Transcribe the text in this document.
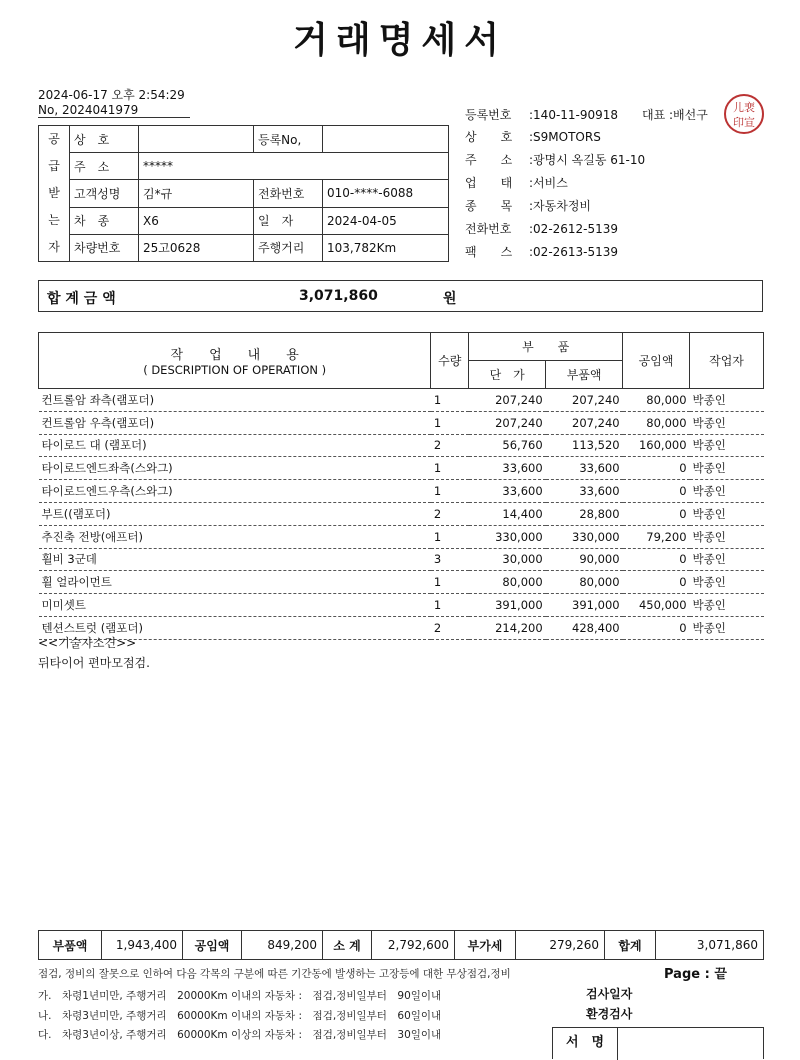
거래명세서
2024-06-17 오후 2:54:29
No, 2024041979
공
급
받
는
자	상　호		등록No,	
	주　소	*****		
	고객성명	김*규	전화번호	010-****-6088
	차　종	X6	일　자	2024-04-05
	차량번호	25고0628	주행거리	103,782Km
등록번호 :140-11-90918 대표 :배선구
儿裵 印宣
상　　호 :S9MOTORS
주　　소 :광명시 옥길동 61-10
업　　태 :서비스
종　　목 :자동차정비
전화번호 :02-2612-5139
팩　　스 :02-2613-5139
합 계 금 액	3,071,860	원
작　　업　　내　　용
( DESCRIPTION OF OPERATION )	수량	부　　품		공임액	작업자
		단　가	부품액		
컨트롤암 좌측(램포더)	1	207,240	207,240	80,000	박종인
컨트롤암 우측(램포더)	1	207,240	207,240	80,000	박종인
타이로드 대 (램포더)	2	56,760	113,520	160,000	박종인
타이로드엔드좌측(스와그)	1	33,600	33,600	0	박종인
타이로드엔드우측(스와그)	1	33,600	33,600	0	박종인
부트((램포더)	2	14,400	28,800	0	박종인
추진축 전방(애프터)	1	330,000	330,000	79,200	박종인
휠비 3군데	3	30,000	90,000	0	박종인
휠 얼라이먼트	1	80,000	80,000	0	박종인
미미셋트	1	391,000	391,000	450,000	박종인
텐션스트럿 (램포더)	2	214,200	428,400	0	박종인
<<기술자소견>>
뒤타이어 편마모점검.
부품액	1,943,400	공임액	849,200	소 계	2,792,600	부가세	279,260	합계	3,071,860
점검, 정비의 잘못으로 인하여 다음 각목의 구분에 따른 기간동에 발생하는 고장등에 대한 무상점검,정비
가.　차령1년미만, 주행거리　20000Km 이내의 자동차 :　점검,정비일부터　90일이내
나.　차령3년미만, 주행거리　60000Km 이내의 자동차 :　점검,정비일부터　60일이내
다.　차령3년이상, 주행거리　60000Km 이상의 자동차 :　점검,정비일부터　30일이내
Page : 끝
검사일자
환경검사
서　명
